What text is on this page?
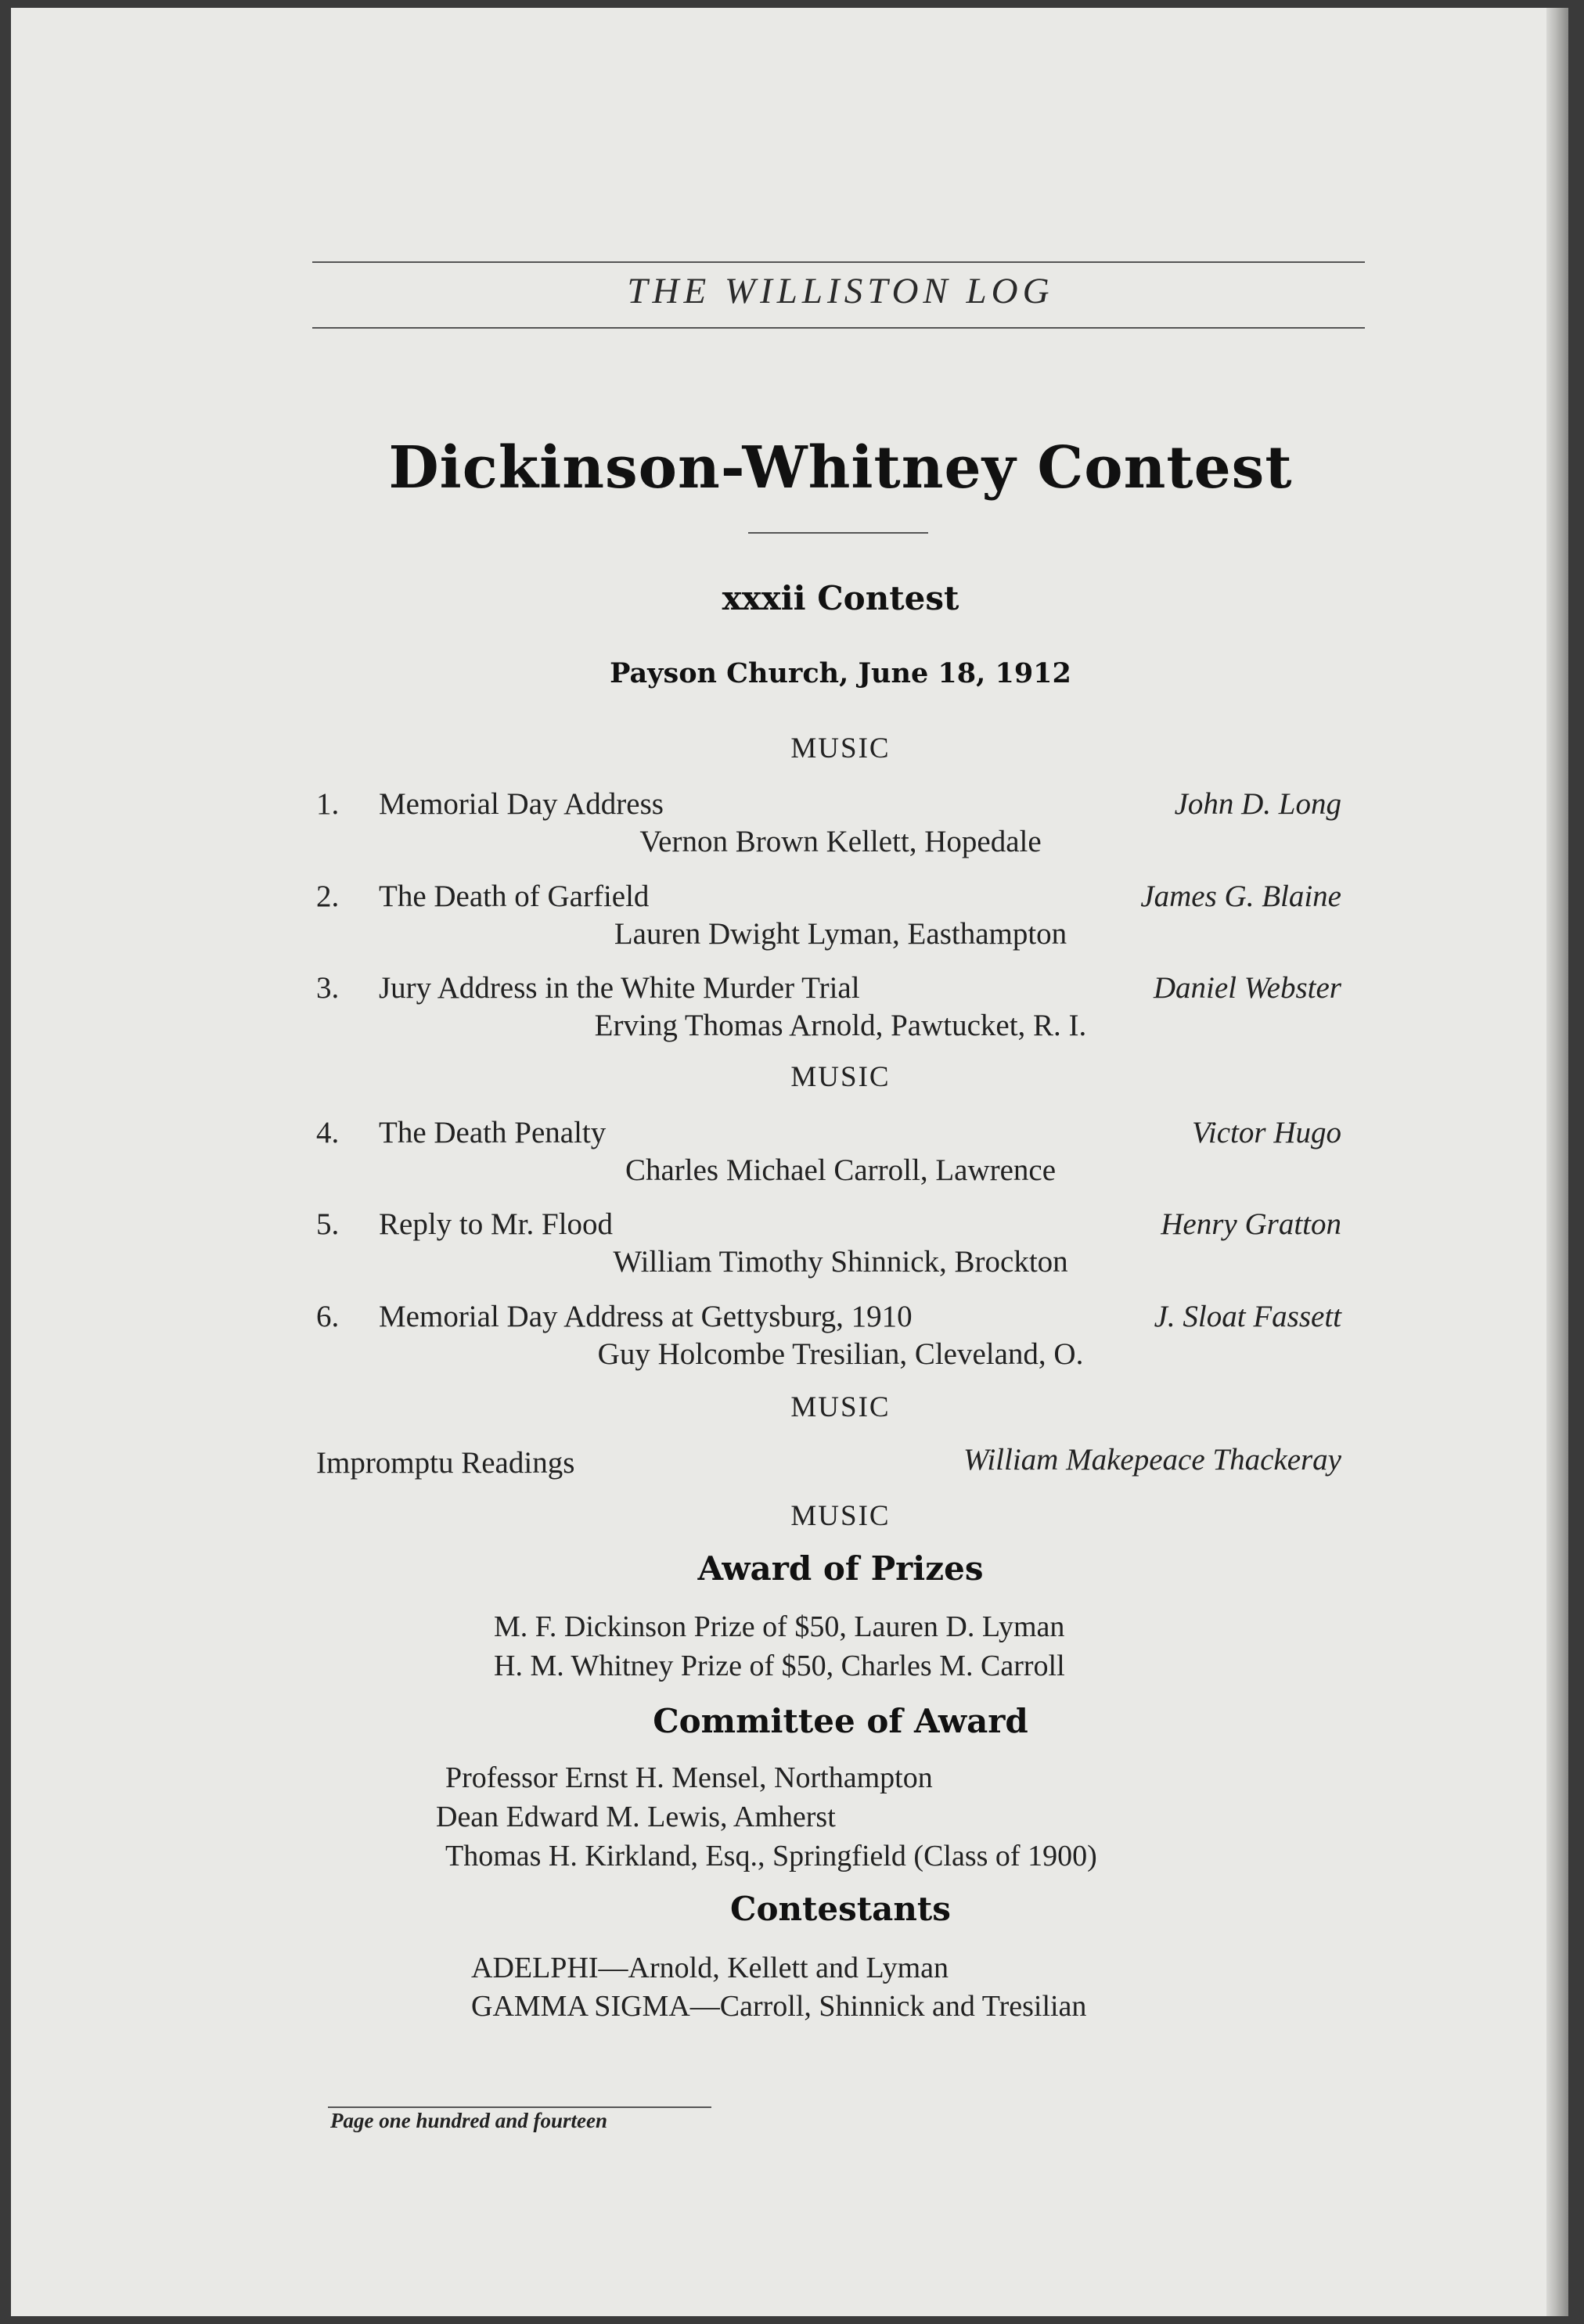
THE WILLISTON LOG
Dickinson-Whitney Contest
xxxii Contest
Payson Church, June 18, 1912
MUSIC
1. Memorial Day Address	John D. Long
Vernon Brown Kellett, Hopedale
2. The Death of Garfield	James G. Blaine
Lauren Dwight Lyman, Easthampton
3. Jury Address in the White Murder Trial	Daniel Webster
Erving Thomas Arnold, Pawtucket, R. I.
MUSIC
4. The Death Penalty	Victor Hugo
Charles Michael Carroll, Lawrence
5. Reply to Mr. Flood	Henry Gratton
William Timothy Shinnick, Brockton
6. Memorial Day Address at Gettysburg, 1910	J. Sloat Fassett
Guy Holcombe Tresilian, Cleveland, O.
MUSIC
Impromptu Readings	William Makepeace Thackeray
MUSIC
Award of Prizes
M. F. Dickinson Prize of $50, Lauren D. Lyman
H. M. Whitney Prize of $50, Charles M. Carroll
Committee of Award
Professor Ernst H. Mensel, Northampton
Dean Edward M. Lewis, Amherst
Thomas H. Kirkland, Esq., Springfield (Class of 1900)
Contestants
ADELPHI—Arnold, Kellett and Lyman
GAMMA SIGMA—Carroll, Shinnick and Tresilian
Page one hundred and fourteen
